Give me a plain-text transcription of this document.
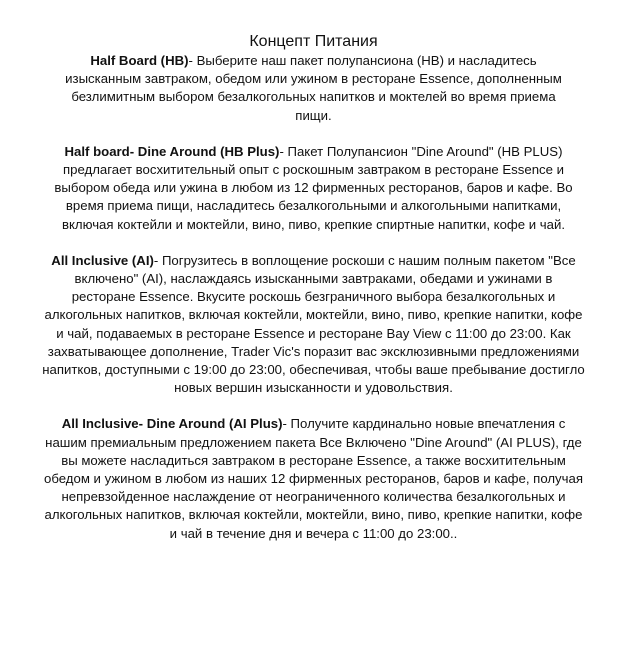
Концепт Питания

Half Board (HB)- Выберите наш пакет полупансиона (HB) и насладитесь изысканным завтраком, обедом или ужином в ресторане Essence, дополненным безлимитным выбором безалкогольных напитков и моктелей во время приема пищи.

Half board- Dine Around (HB Plus)- Пакет Полупансион "Dine Around" (HB PLUS) предлагает восхитительный опыт с роскошным завтраком в ресторане Essence и выбором обеда или ужина в любом из 12 фирменных ресторанов, баров и кафе. Во время приема пищи, насладитесь безалкогольными и алкогольными напитками, включая коктейли и моктейли, вино, пиво, крепкие спиртные напитки, кофе и чай.

All Inclusive (AI)- Погрузитесь в воплощение роскоши с нашим полным пакетом "Все включено" (AI), наслаждаясь изысканными завтраками, обедами и ужинами в ресторане Essence. Вкусите роскошь безграничного выбора безалкогольных и алкогольных напитков, включая коктейли, моктейли, вино, пиво, крепкие напитки, кофе и чай, подаваемых в ресторане Essence и ресторане Bay View с 11:00 до 23:00. Как захватывающее дополнение, Trader Vic's поразит вас эксклюзивными предложениями напитков, доступными с 19:00 до 23:00, обеспечивая, чтобы ваше пребывание достигло новых вершин изысканности и удовольствия.

All Inclusive- Dine Around (AI Plus)- Получите кардинально новые впечатления с нашим премиальным предложением пакета Все Включено "Dine Around" (AI PLUS), где вы можете насладиться завтраком в ресторане Essence, а также восхитительным обедом и ужином в любом из наших 12 фирменных ресторанов, баров и кафе, получая непревзойденное наслаждение от неограниченного количества безалкогольных и алкогольных напитков, включая коктейли, моктейли, вино, пиво, крепкие напитки, кофе и чай в течение дня и вечера с 11:00 до 23:00..
